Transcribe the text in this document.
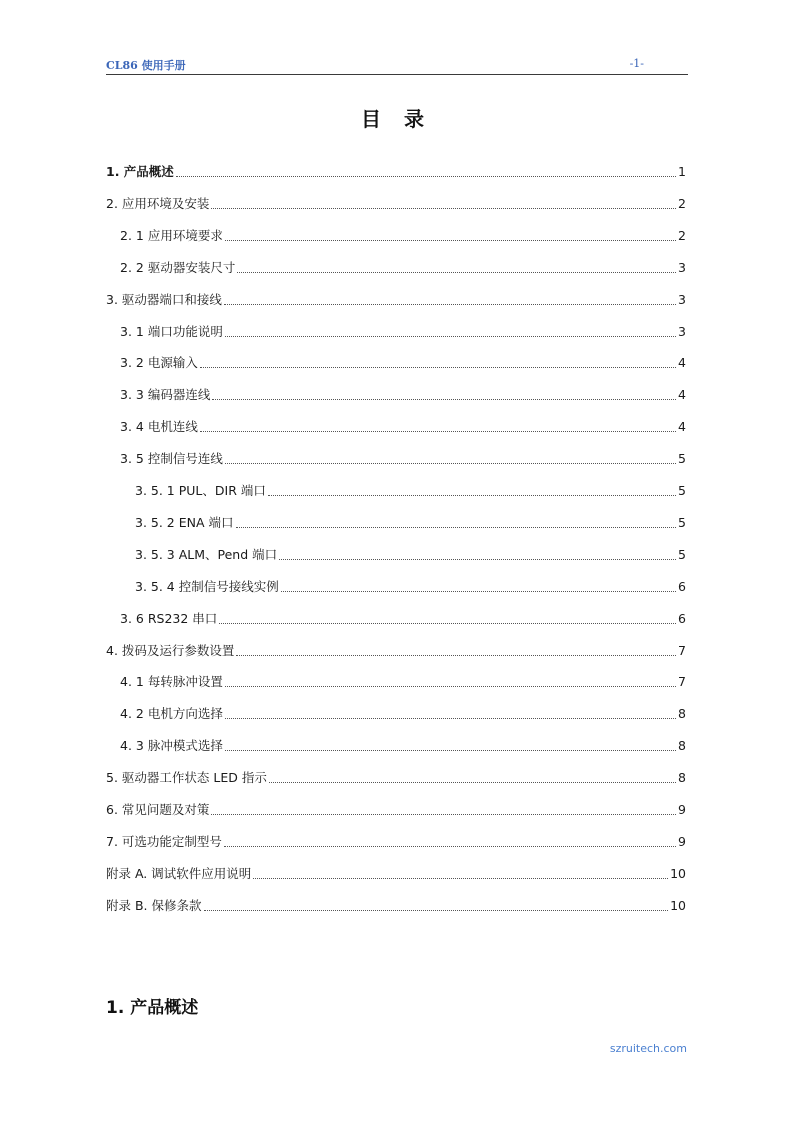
CL86 使用手册	-1-
目 录
1. 产品概述	1
2. 应用环境及安装	2
2. 1 应用环境要求	2
2. 2 驱动器安装尺寸	3
3. 驱动器端口和接线	3
3. 1 端口功能说明	3
3. 2 电源输入	4
3. 3 编码器连线	4
3. 4 电机连线	4
3. 5 控制信号连线	5
3. 5. 1 PUL、DIR 端口	5
3. 5. 2 ENA 端口	5
3. 5. 3 ALM、Pend 端口	5
3. 5. 4 控制信号接线实例	6
3. 6 RS232 串口	6
4. 拨码及运行参数设置	7
4. 1 每转脉冲设置	7
4. 2 电机方向选择	8
4. 3 脉冲模式选择	8
5. 驱动器工作状态 LED 指示	8
6. 常见问题及对策	9
7. 可选功能定制型号	9
附录 A. 调试软件应用说明	10
附录 B. 保修条款	10
1. 产品概述
szruitech.com
